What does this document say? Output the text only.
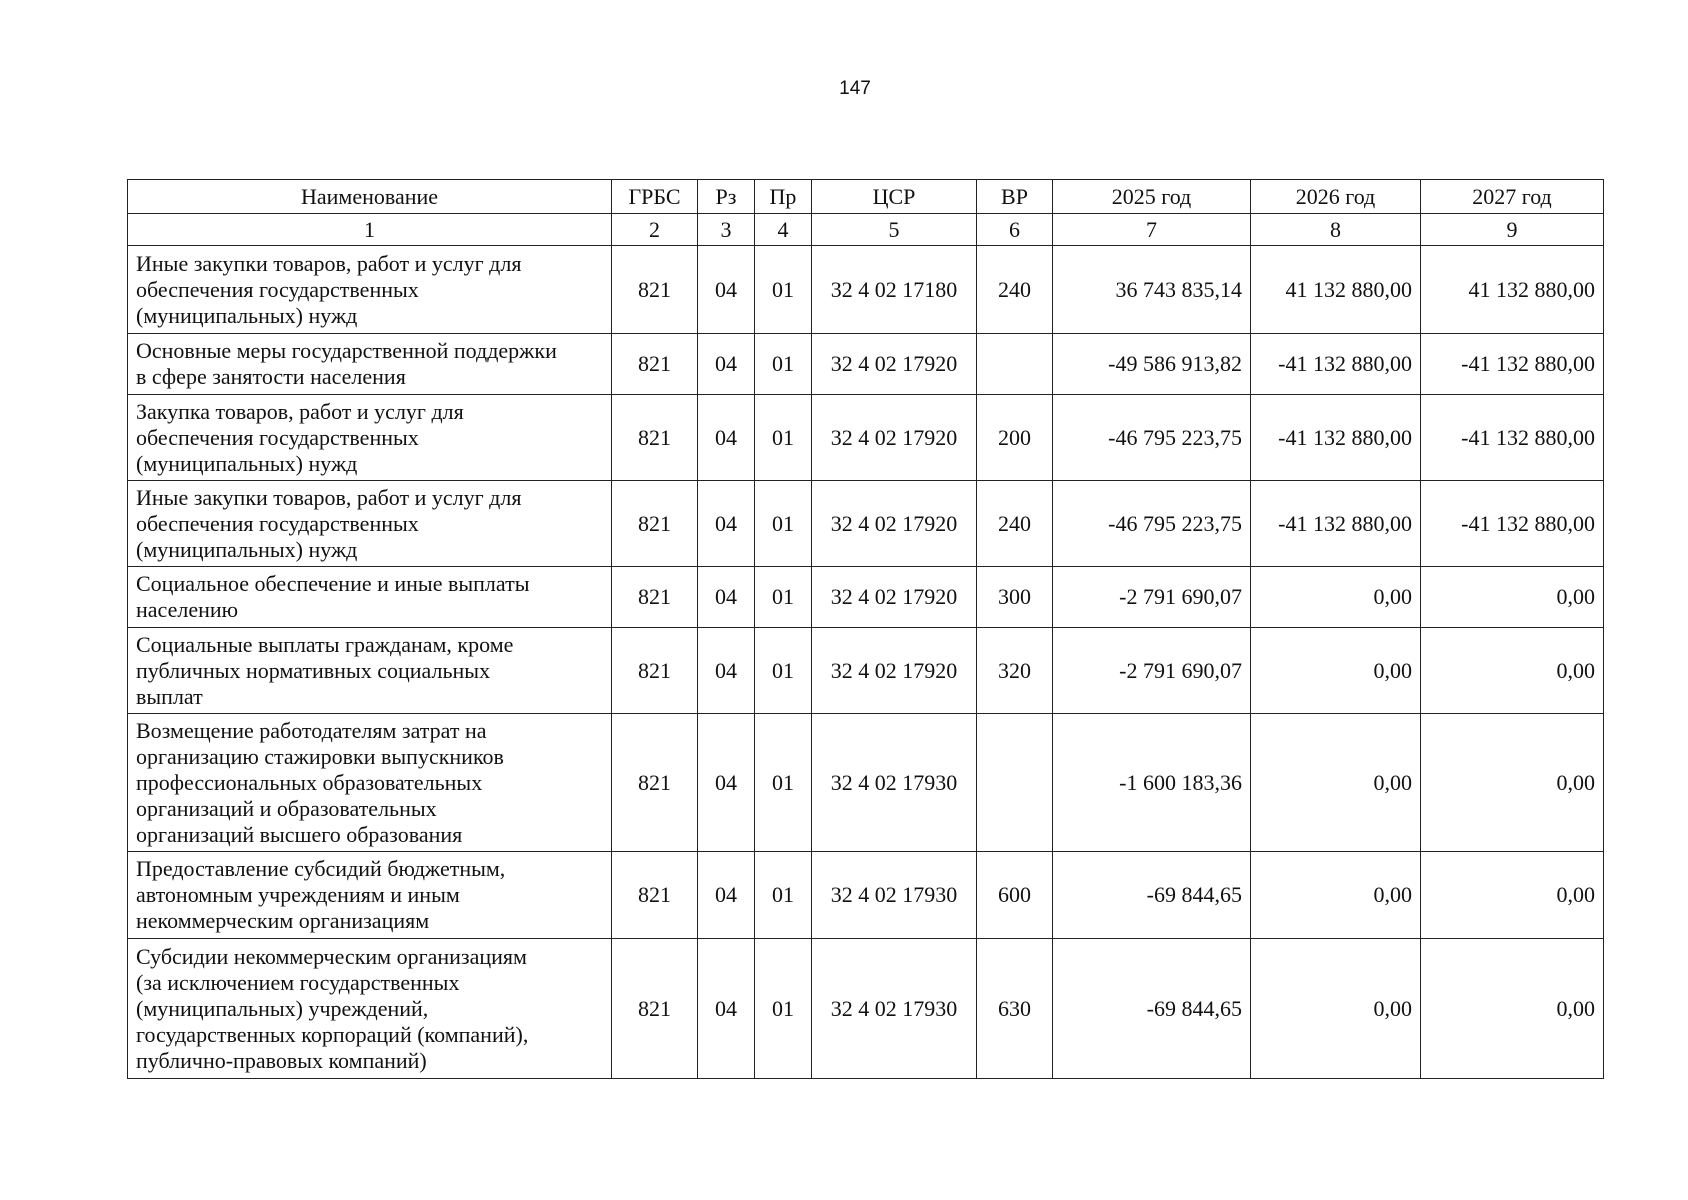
147
Наименование	ГРБС	Рз	Пр	ЦСР	ВР	2025 год	2026 год	2027 год
1	2	3	4	5	6	7	8	9

Иные закупки товаров, работ и услуг для
обеспечения государственных
(муниципальных) нужд	821	04	01	32 4 02 17180	240	36 743 835,14	41 132 880,00	41 132 880,00

Основные меры государственной поддержки
в сфере занятости населения	821	04	01	32 4 02 17920		-49 586 913,82	-41 132 880,00	-41 132 880,00

Закупка товаров, работ и услуг для
обеспечения государственных
(муниципальных) нужд	821	04	01	32 4 02 17920	200	-46 795 223,75	-41 132 880,00	-41 132 880,00

Иные закупки товаров, работ и услуг для
обеспечения государственных
(муниципальных) нужд	821	04	01	32 4 02 17920	240	-46 795 223,75	-41 132 880,00	-41 132 880,00

Социальное обеспечение и иные выплаты
населению	821	04	01	32 4 02 17920	300	-2 791 690,07	0,00	0,00

Социальные выплаты гражданам, кроме
публичных нормативных социальных
выплат	821	04	01	32 4 02 17920	320	-2 791 690,07	0,00	0,00

Возмещение работодателям затрат на
организацию стажировки выпускников
профессиональных образовательных
организаций и образовательных
организаций высшего образования	821	04	01	32 4 02 17930		-1 600 183,36	0,00	0,00

Предоставление субсидий бюджетным,
автономным учреждениям и иным
некоммерческим организациям	821	04	01	32 4 02 17930	600	-69 844,65	0,00	0,00

Субсидии некоммерческим организациям
(за исключением государственных
(муниципальных) учреждений,
государственных корпораций (компаний),
публично-правовых компаний)	821	04	01	32 4 02 17930	630	-69 844,65	0,00	0,00
